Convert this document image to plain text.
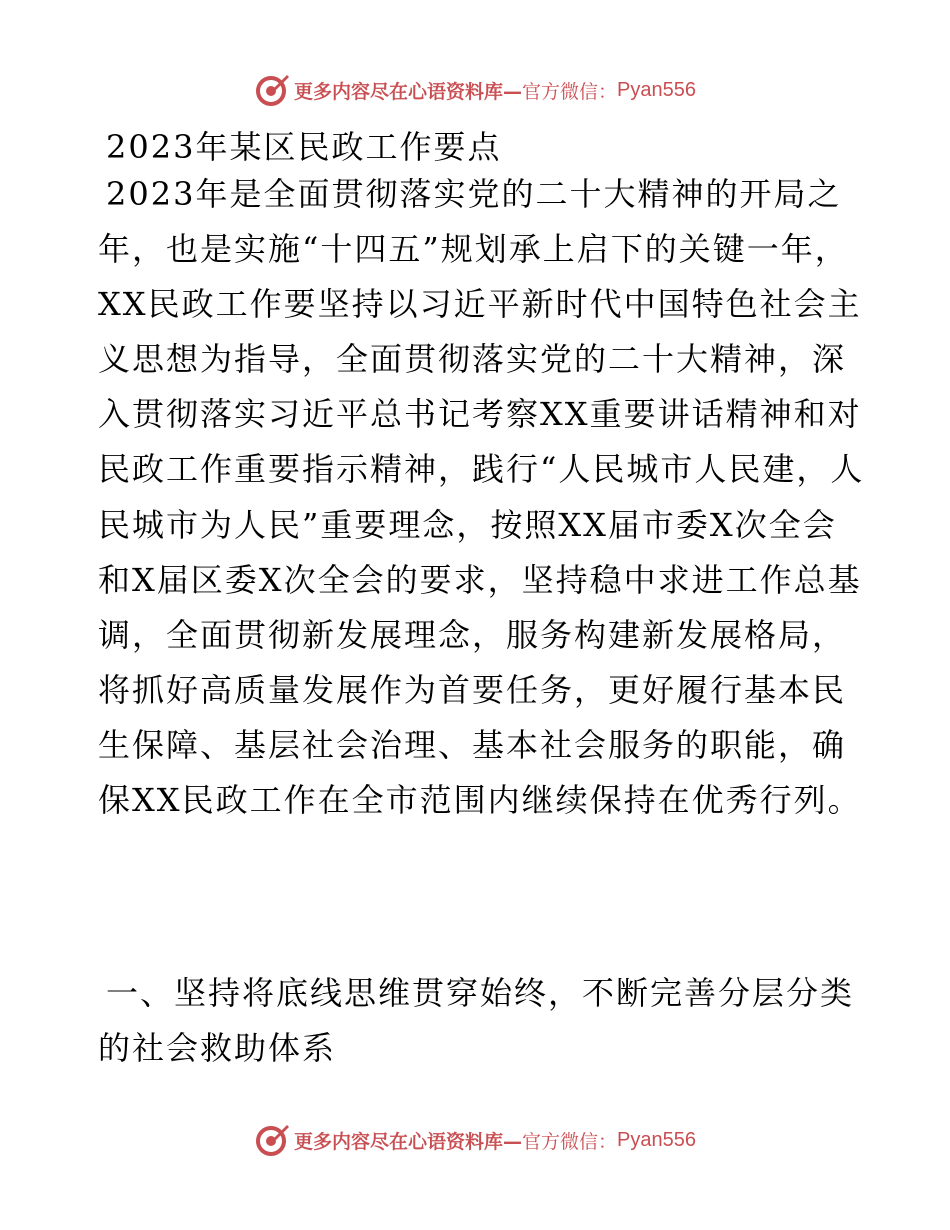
更多内容尽在心语资料库— 官方微信： Pyan556
2023年某区民政工作要点

2023年是全面贯彻落实党的二十大精神的开局之年，也是实施“十四五”规划承上启下的关键一年，XX民政工作要坚持以习近平新时代中国特色社会主义思想为指导，全面贯彻落实党的二十大精神，深入贯彻落实习近平总书记考察XX重要讲话精神和对民政工作重要指示精神，践行“人民城市人民建，人民城市为人民”重要理念，按照XX届市委X次全会和X届区委X次全会的要求，坚持稳中求进工作总基调，全面贯彻新发展理念，服务构建新发展格局，将抓好高质量发展作为首要任务，更好履行基本民生保障、基层社会治理、基本社会服务的职能，确保XX民政工作在全市范围内继续保持在优秀行列。

一、坚持将底线思维贯穿始终，不断完善分层分类的社会救助体系

更多内容尽在心语资料库— 官方微信： Pyan556
